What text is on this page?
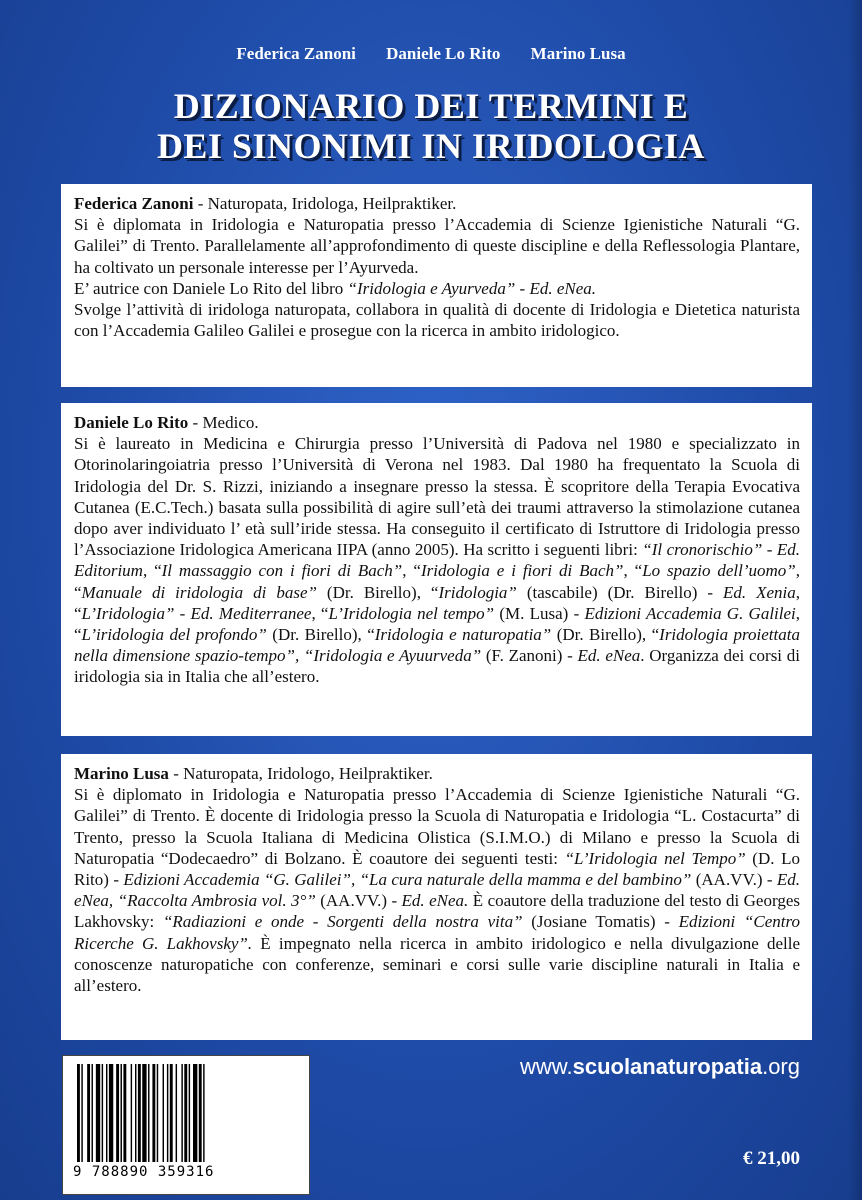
Federica Zanoni Daniele Lo Rito Marino Lusa
DIZIONARIO DEI TERMINI E
DEI SINONIMI IN IRIDOLOGIA

Federica Zanoni - Naturopata, Iridologa, Heilpraktiker.

Si è diplomata in Iridologia e Naturopatia presso l’Accademia di Scienze Igienistiche Naturali “G. Galilei” di Trento. Parallelamente all’approfondimento di queste discipline e della Reflessologia Plantare, ha coltivato un personale interesse per l’Ayurveda.

E’ autrice con Daniele Lo Rito del libro “Iridologia e Ayurveda” - Ed. eNea.

Svolge l’attività di iridologa naturopata, collabora in qualità di docente di Iridologia e Dietetica naturista con l’Accademia Galileo Galilei e prosegue con la ricerca in ambito iridologico.

Daniele Lo Rito - Medico.

Si è laureato in Medicina e Chirurgia presso l’Università di Padova nel 1980 e specializzato in Otorinolaringoiatria presso l’Università di Verona nel 1983. Dal 1980 ha frequentato la Scuola di Iridologia del Dr. S. Rizzi, iniziando a insegnare presso la stessa. È scopritore della Terapia Evocativa Cutanea (E.C.Tech.) basata sulla possibilità di agire sull’età dei traumi attraverso la stimolazione cutanea dopo aver individuato l’ età sull’iride stessa. Ha conseguito il certificato di Istruttore di Iridologia presso l’Associazione Iridologica Americana IIPA (anno 2005). Ha scritto i seguenti libri: “Il cronorischio” - Ed. Editorium, “Il massaggio con i fiori di Bach”, “Iridologia e i fiori di Bach”, “Lo spazio dell’uomo”, “Manuale di iridologia di base” (Dr. Birello), “Iridologia” (tascabile) (Dr. Birello) - Ed. Xenia, “L’Iridologia” - Ed. Mediterranee, “L’Iridologia nel tempo” (M. Lusa) - Edizioni Accademia G. Galilei, “L’iridologia del profondo” (Dr. Birello), “Iridologia e naturopatia” (Dr. Birello), “Iridologia proiettata nella dimensione spazio-tempo”, “Iridologia e Ayuurveda” (F. Zanoni) - Ed. eNea. Organizza dei corsi di iridologia sia in Italia che all’estero.

Marino Lusa - Naturopata, Iridologo, Heilpraktiker.

Si è diplomato in Iridologia e Naturopatia presso l’Accademia di Scienze Igienistiche Naturali “G. Galilei” di Trento. È docente di Iridologia presso la Scuola di Naturopatia e Iridologia “L. Costacurta” di Trento, presso la Scuola Italiana di Medicina Olistica (S.I.M.O.) di Milano e presso la Scuola di Naturopatia “Dodecaedro” di Bolzano. È coautore dei seguenti testi: “L’Iridologia nel Tempo” (D. Lo Rito) - Edizioni Accademia “G. Galilei”, “La cura naturale della mamma e del bambino” (AA.VV.) - Ed. eNea, “Raccolta Ambrosia vol. 3°” (AA.VV.) - Ed. eNea. È coautore della traduzione del testo di Georges Lakhovsky: “Radiazioni e onde - Sorgenti della nostra vita” (Josiane Tomatis) - Edizioni “Centro Ricerche G. Lakhovsky”. È impegnato nella ricerca in ambito iridologico e nella divulgazione delle conoscenze naturopatiche con conferenze, seminari e corsi sulle varie discipline naturali in Italia e all’estero.

9 788890 359316
www.scuolanaturopatia.org
€ 21,00
